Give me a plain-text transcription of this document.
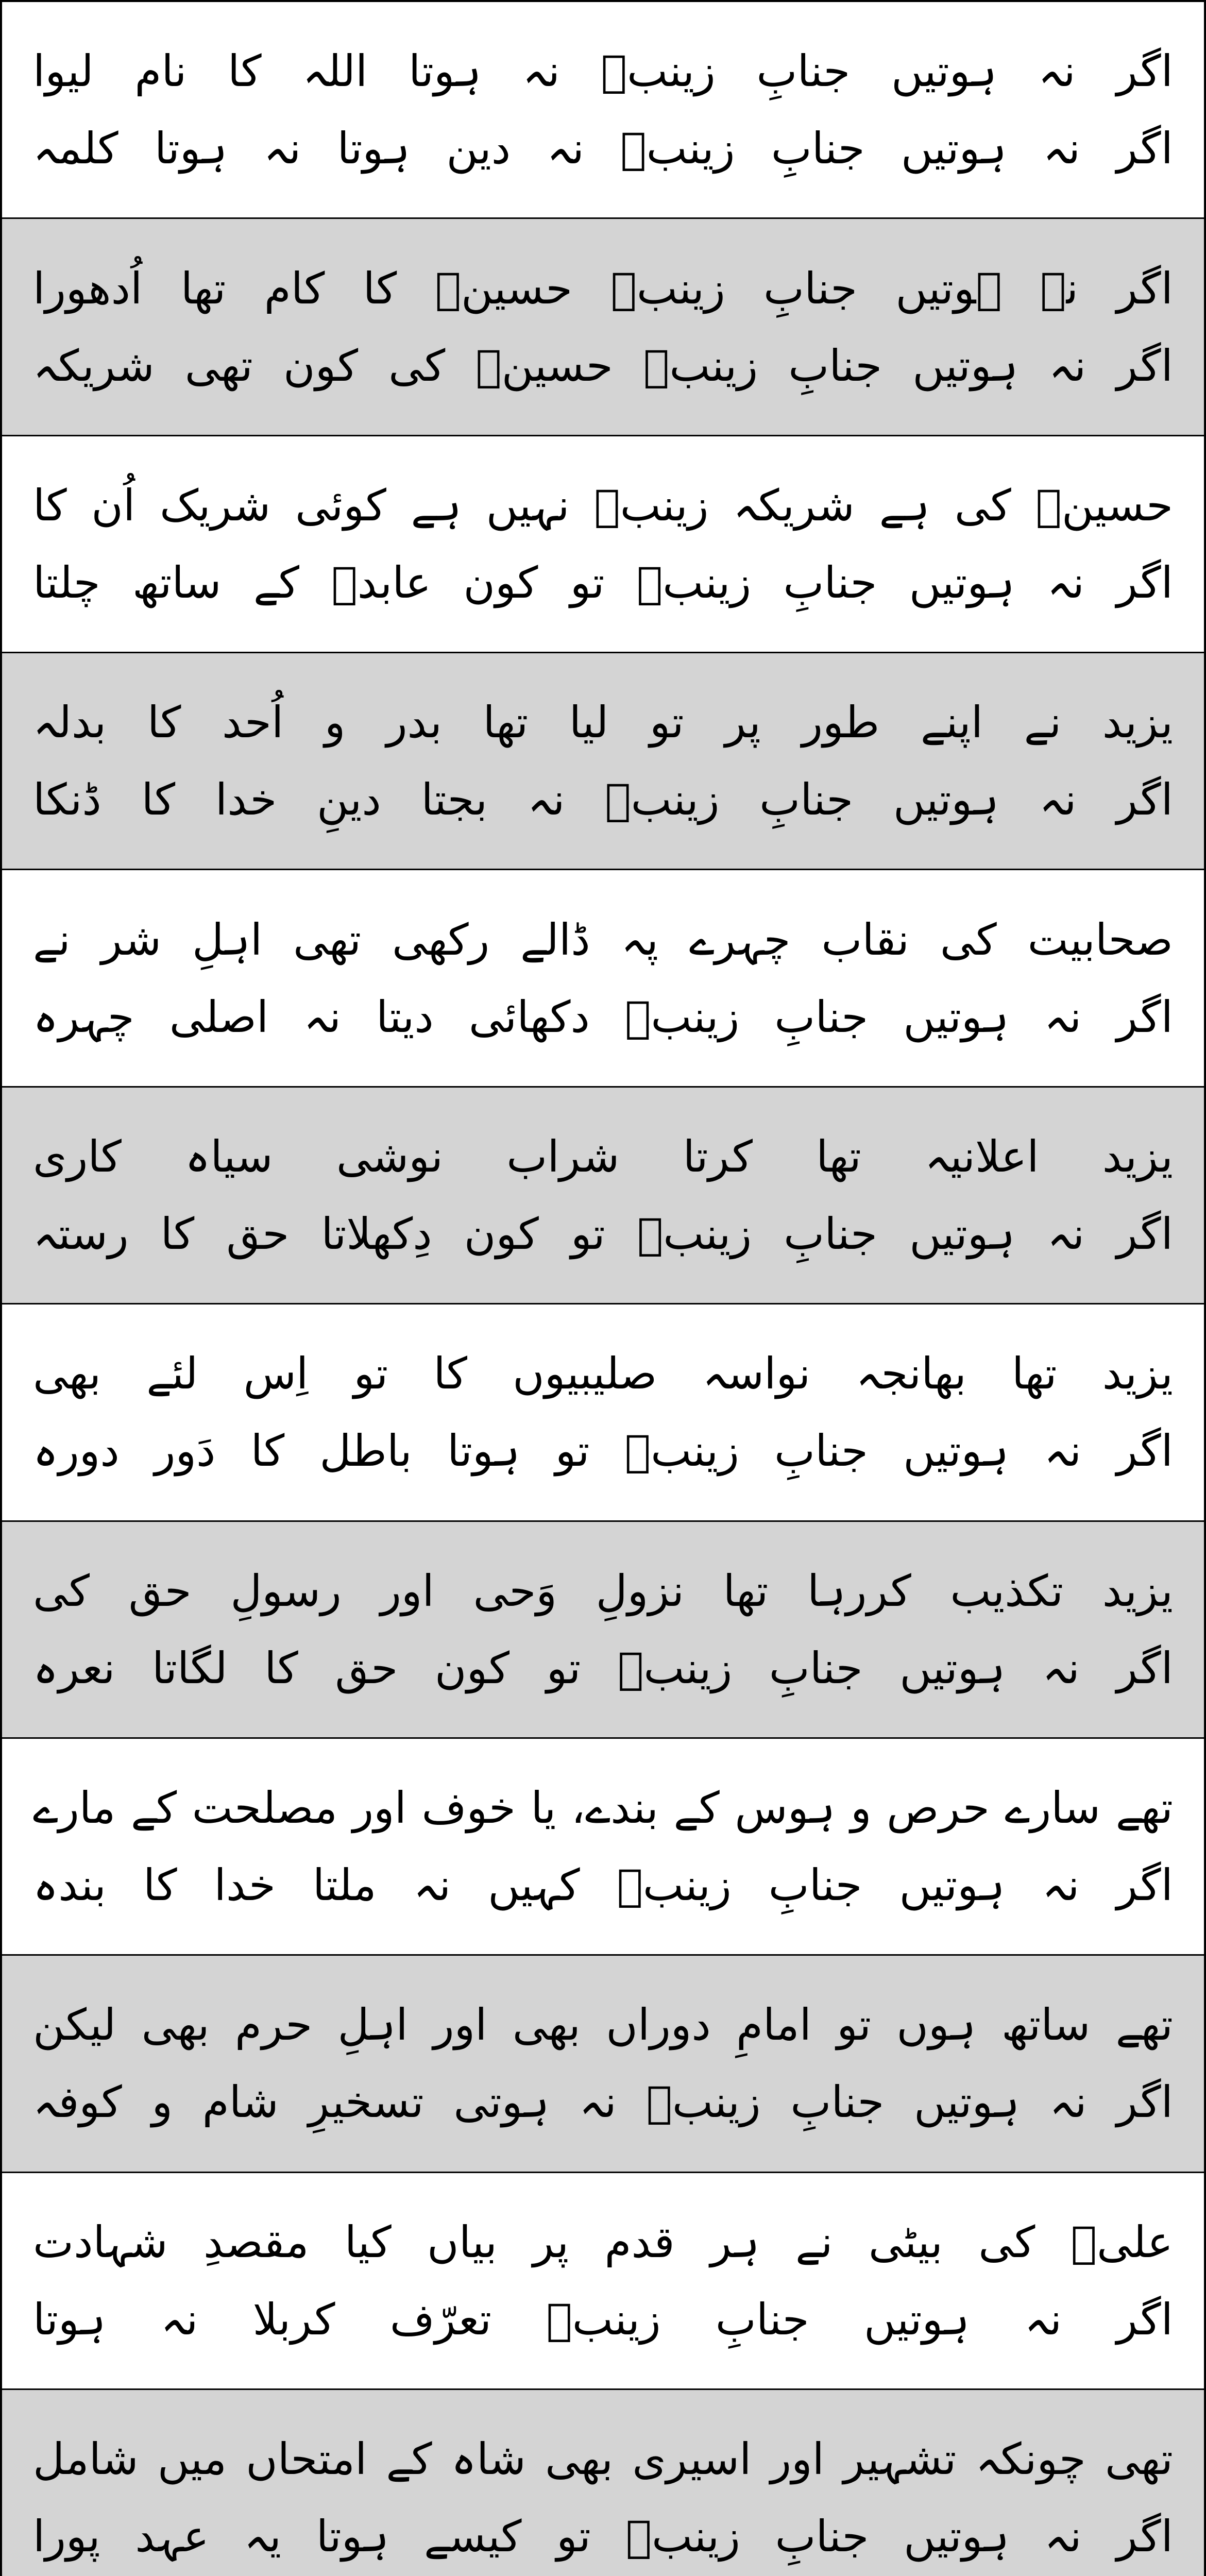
اگر نہ ہوتیں جنابِ زینبؑ نہ ہوتا اللہ کا نام لیوا
اگر نہ ہوتیں جنابِ زینبؑ نہ دین ہوتا نہ ہوتا کلمہ
اگر نہ ہوتیں جنابِ زینبؑ حسینؑ کا کام تھا اُدھورا
اگر نہ ہوتیں جنابِ زینبؑ حسینؑ کی کون تھی شریکہ
حسینؑ کی ہے شریکہ زینبؑ نہیں ہے کوئی شریک اُن کا
اگر نہ ہوتیں جنابِ زینبؑ تو کون عابدؑ کے ساتھ چلتا
یزید نے اپنے طور پر تو لیا تھا بدر و اُحد کا بدلہ
اگر نہ ہوتیں جنابِ زینبؑ نہ بجتا دینِ خدا کا ڈنکا
صحابیت کی نقاب چہرے پہ ڈالے رکھی تھی اہلِ شر نے
اگر نہ ہوتیں جنابِ زینبؑ دکھائی دیتا نہ اصلی چہرہ
یزید اعلانیہ تھا کرتا شراب نوشی سیاہ کاری
اگر نہ ہوتیں جنابِ زینبؑ تو کون دِکھلاتا حق کا رستہ
یزید تھا بھانجہ نواسہ صلیبیوں کا تو اِس لئے بھی
اگر نہ ہوتیں جنابِ زینبؑ تو ہوتا باطل کا دَور دورہ
یزید تکذیب کررہا تھا نزولِ وَحی اور رسولِ حق کی
اگر نہ ہوتیں جنابِ زینبؑ تو کون حق کا لگاتا نعرہ
تھے سارے حرص و ہوس کے بندے، یا خوف اور مصلحت کے مارے
اگر نہ ہوتیں جنابِ زینبؑ کہیں نہ ملتا خدا کا بندہ
تھے ساتھ ہوں تو امامِ دوراں بھی اور اہلِ حرم بھی لیکن
اگر نہ ہوتیں جنابِ زینبؑ نہ ہوتی تسخیرِ شام و کوفہ
علیؑ کی بیٹی نے ہر قدم پر بیاں کیا مقصدِ شہادت
اگر نہ ہوتیں جنابِ زینبؑ تعرّف کربلا نہ ہوتا
تھی چونکہ تشہیر اور اسیری بھی شاہ کے امتحاں میں شامل
اگر نہ ہوتیں جنابِ زینبؑ تو کیسے ہوتا یہ عہد پورا
